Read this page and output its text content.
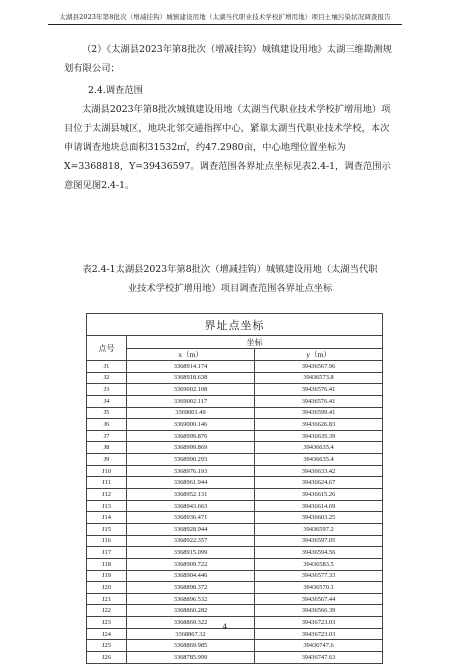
太湖县2023年第8批次（增减挂钩）城镇建设用地（太湖当代职业技术学校扩增用地）项目土壤污染状况调查报告

（2）《太湖县2023年第8批次（增减挂钩）城镇建设用地》太湖三维勘测规划有限公司；

2.4.调查范围

太湖县2023年第8批次城镇建设用地（太湖当代职业技术学校扩增用地）项目位于太湖县城区，地块北邻交通指挥中心，紧靠太湖当代职业技术学校，本次申请调查地块总面积31532㎡，约47.2980亩，中心地理位置坐标为X=3368818，Y=39436597。调查范围各界址点坐标见表2.4-1，调查范围示意图见图2.4-1。

表2.4-1太湖县2023年第8批次（增减挂钩）城镇建设用地（太湖当代职业技术学校扩增用地）项目调查范围各界址点坐标
界址点坐标		
点号	坐标	
	x（m）	y（m）
J1	3368914.174	39436567.96
J2	3368918.638	39436573.8
J3	3369002.108	39436576.41
J4	3369002.117	39436576.41
J5	3369001.49	39436599.41
J6	3369000.146	39436626.83
J7	3368999.876	39436635.39
J8	3368999.869	39436635.4
J9	3368990.293	39436635.4
J10	3368976.193	39436633.42
J11	3368961.944	39436624.67
J12	3368952.131	39436615.26
J13	3368943.663	39436614.69
J14	3368936.471	39436603.25
J15	3368928.944	39436597.2
J16	3368922.357	39436597.05
J17	3368915.099	39436594.56
J18	3368909.722	39436583.5
J19	3368904.446	39436577.33
J20	3368898.372	39436570.1
J21	3368896.532	39436567.44
J22	3368860.282	39436566.39
J23	3368869.322	39436723.03
J24	3368867.32	39436723.03
J25	3368869.985	39436747.6
J26	3368785.999	39436747.63
4
